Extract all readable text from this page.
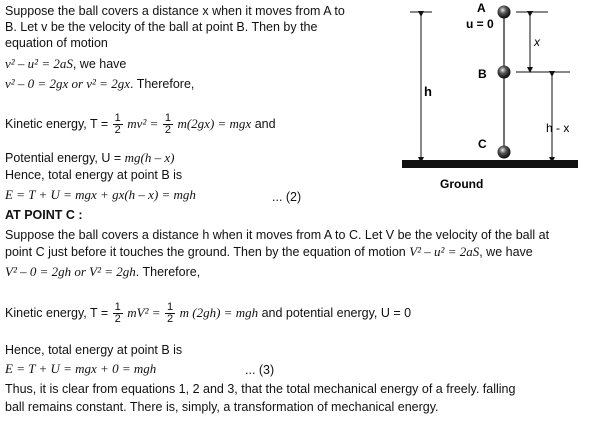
Suppose the ball covers a distance x when it moves from A to
B. Let v be the velocity of the ball at point B. Then by the
equation of motion
v² – u² = 2aS, we have
v² – 0 = 2gx or v² = 2gx. Therefore,
Kinetic energy, $T = \frac{1}{2} mv^2 = \frac{1}{2} m(2gx)$ = mgx and
Potential energy, U = mg(h – x)
Hence, total energy at point B is
E = T + U = mgx + gx(h – x) = mgh	... (2)
AT POINT C :
Suppose the ball covers a distance h when it moves from A to C. Let V be the velocity of the ball at
point C just before it touches the ground. Then by the equation of motion V² – u² = 2aS, we have
V² – 0 = 2gh or V² = 2gh. Therefore,
Kinetic energy, $T = \frac{1}{2} mV^2 = \frac{1}{2}$ m (2gh) = mgh and potential energy, U = 0
Hence, total energy at point B is
E = T + U = mgx + 0 = mgh	... (3)
Thus, it is clear from equations 1, 2 and 3, that the total mechanical energy of a freely. falling
ball remains constant. There is, simply, a transformation of mechanical energy.
h
x
h - x
A
u = 0
B
C
Ground
